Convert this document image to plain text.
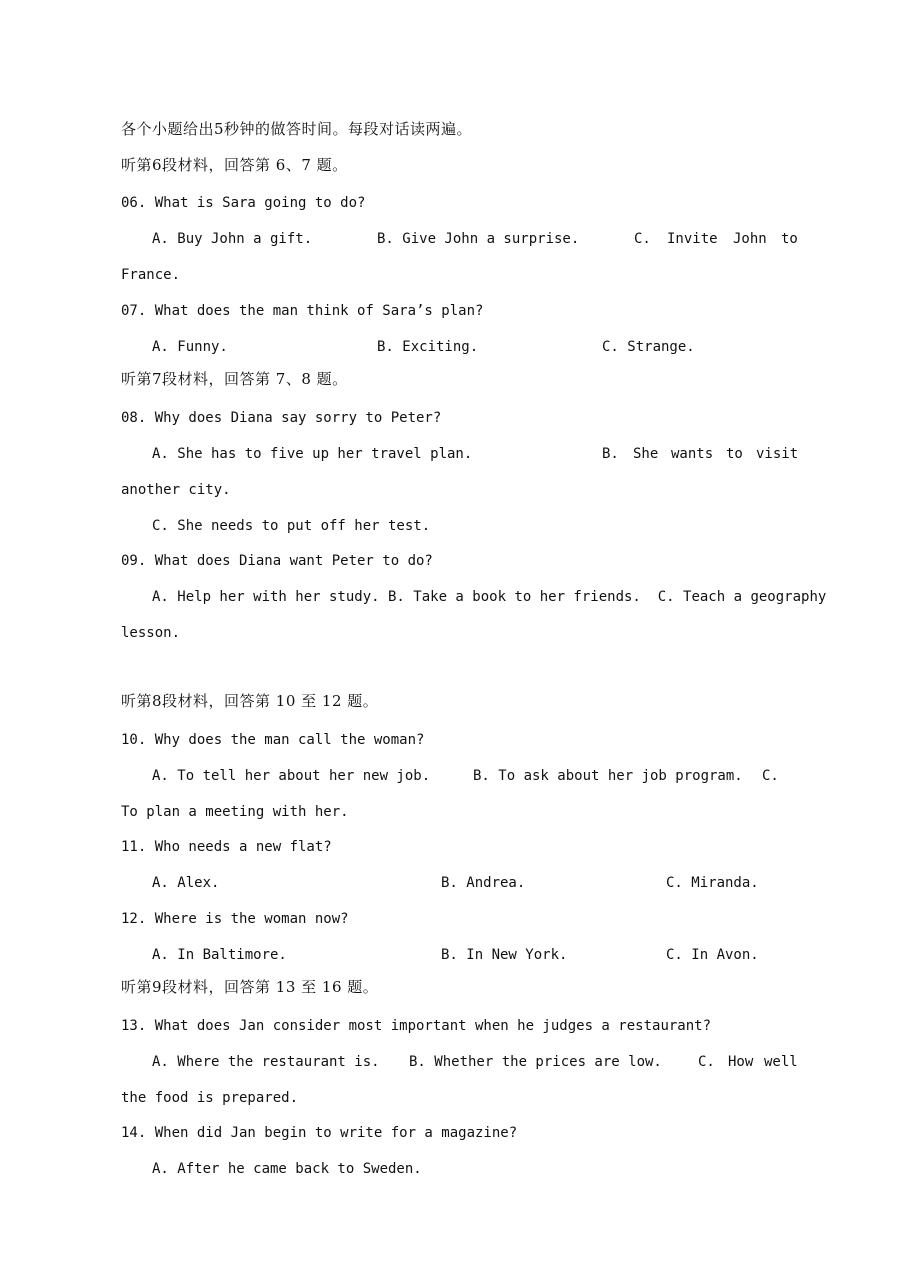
各个小题给出5秒钟的做答时间。每段对话读两遍。
听第6段材料，回答第 6、7 题。
06. What is Sara going to do?
A. Buy John a gift.	B. Give John a surprise.	C. Invite John to
France.
07. What does the man think of Sara’s plan?
A. Funny.	B. Exciting.	C. Strange.
听第7段材料，回答第 7、8 题。
08. Why does Diana say sorry to Peter?
A. She has to five up her travel plan.	B. She wants to visit
another city.
C. She needs to put off her test.
09. What does Diana want Peter to do?
A. Help her with her study. B. Take a book to her friends.  C. Teach a geography
lesson.
听第8段材料，回答第 10 至 12 题。
10. Why does the man call the woman?
A. To tell her about her new job.	B. To ask about her job program. C.
To plan a meeting with her.
11. Who needs a new flat?
A. Alex.	B. Andrea.	C. Miranda.
12. Where is the woman now?
A. In Baltimore.	B. In New York.	C. In Avon.
听第9段材料，回答第 13 至 16 题。
13. What does Jan consider most important when he judges a restaurant?
A. Where the restaurant is. B. Whether the prices are low.	C. How well
the food is prepared.
14. When did Jan begin to write for a magazine?
A. After he came back to Sweden.
